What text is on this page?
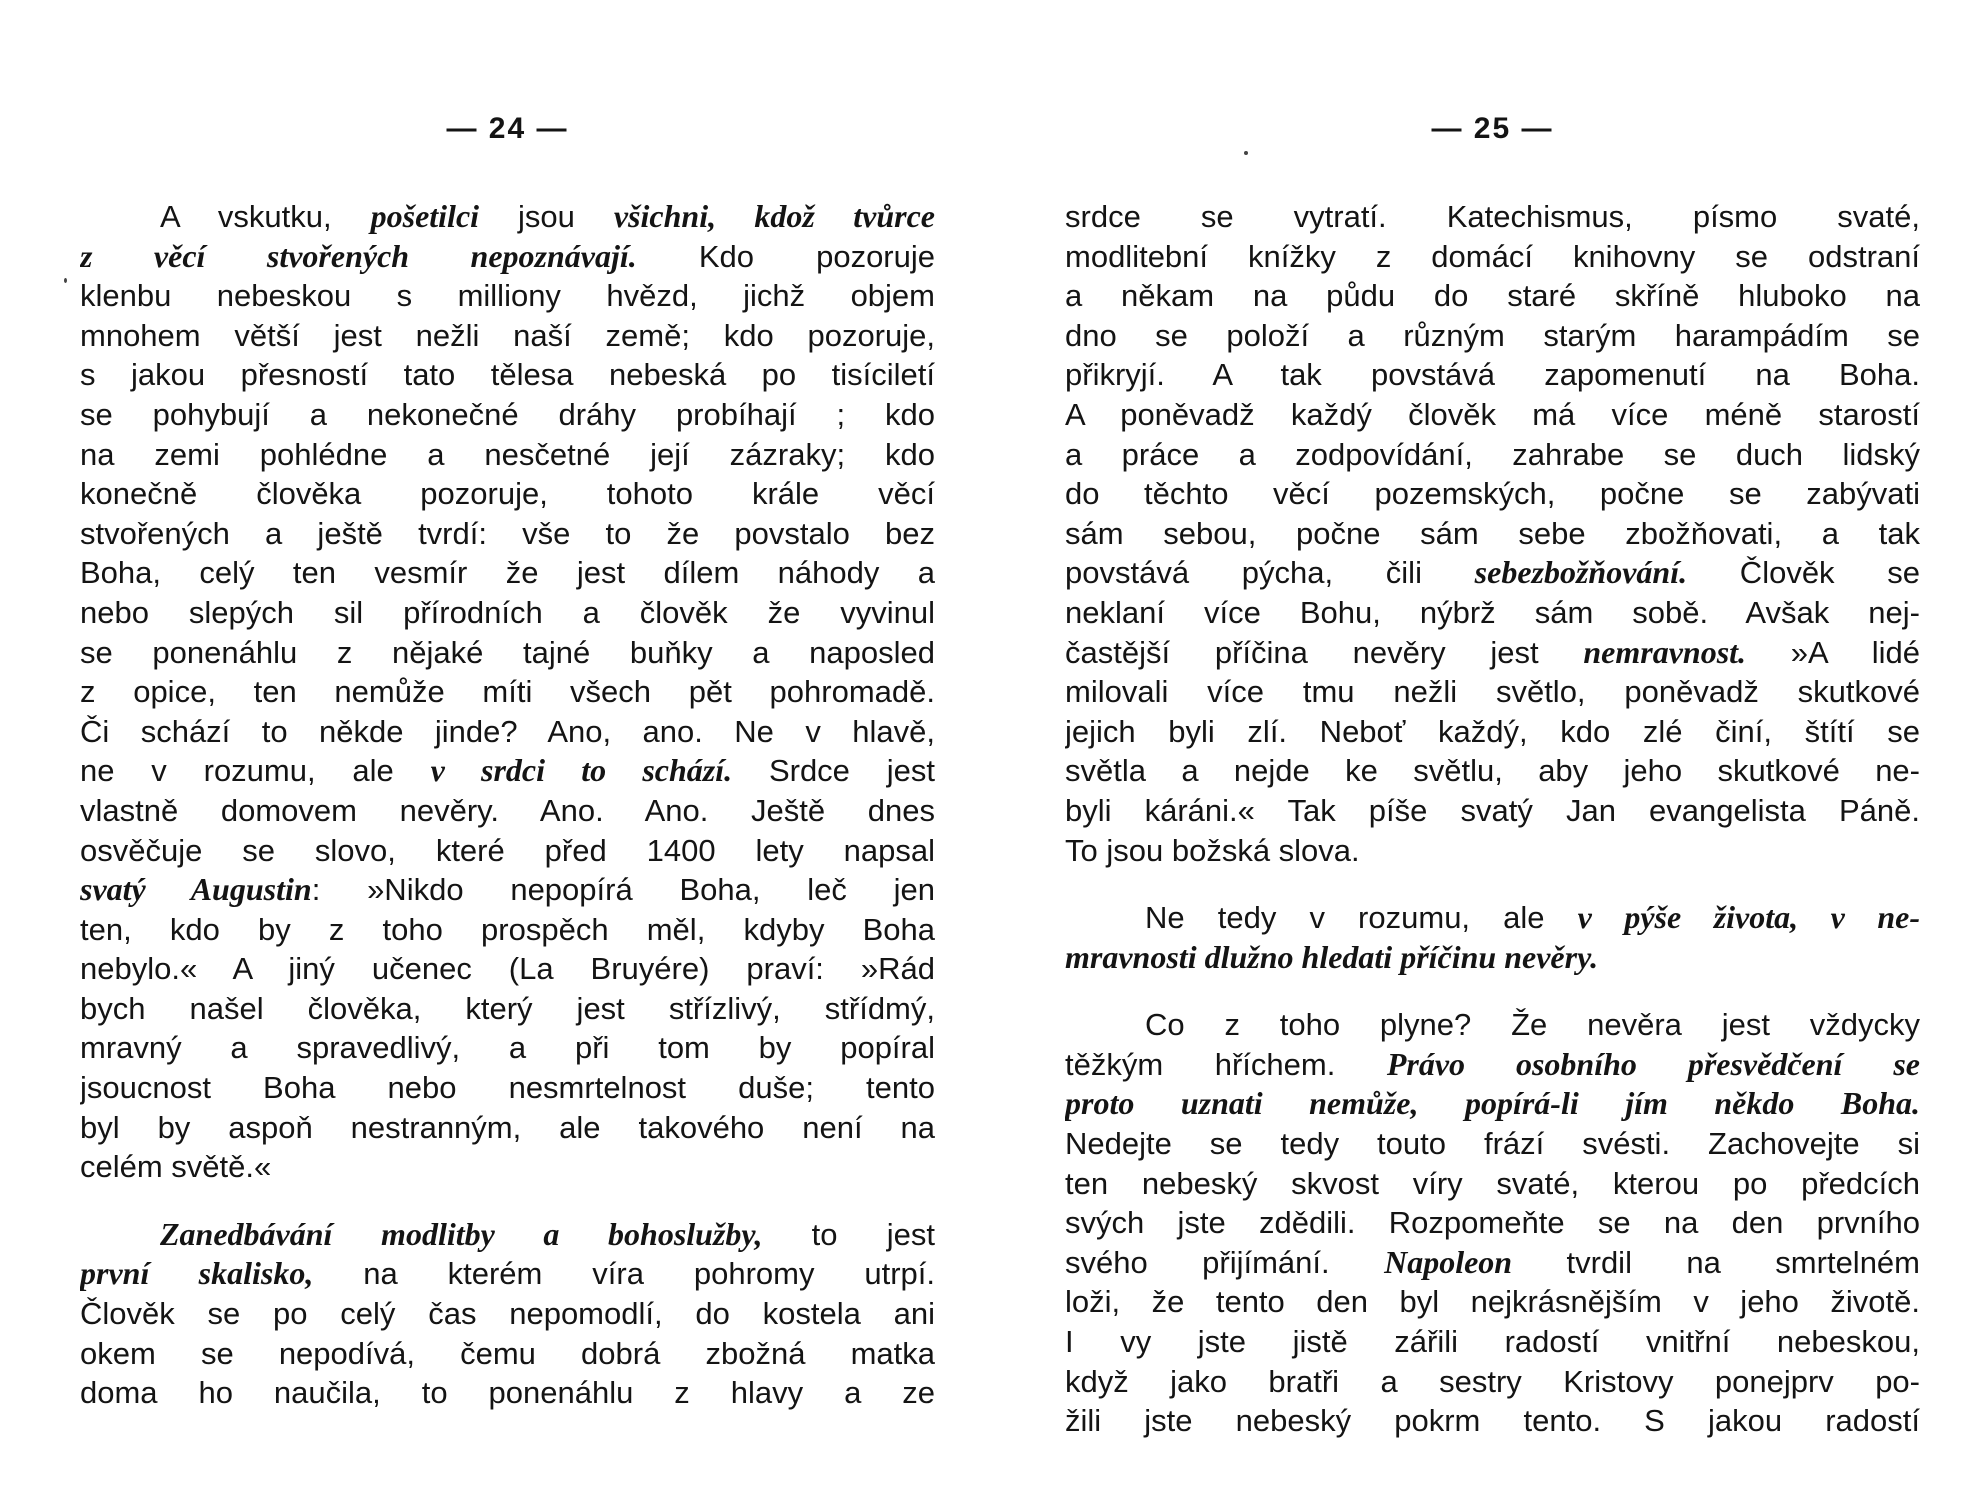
— 24 —
A vskutku, pošetilci jsou všichni, kdož tvůrce
z věcí stvořených nepoznávají. Kdo pozoruje
klenbu nebeskou s milliony hvězd, jichž objem
mnohem větší jest nežli naší země; kdo pozoruje,
s jakou přesností tato tělesa nebeská po tisíciletí
se pohybují a nekonečné dráhy probíhají ; kdo
na zemi pohlédne a nesčetné její zázraky; kdo
konečně člověka pozoruje, tohoto krále věcí
stvořených a ještě tvrdí: vše to že povstalo bez
Boha, celý ten vesmír že jest dílem náhody a
nebo slepých sil přírodních a člověk že vyvinul
se ponenáhlu z nějaké tajné buňky a naposled
z opice, ten nemůže míti všech pět pohromadě.
Či schází to někde jinde? Ano, ano. Ne v hlavě,
ne v rozumu, ale v srdci to schází. Srdce jest
vlastně domovem nevěry. Ano. Ano. Ještě dnes
osvěčuje se slovo, které před 1400 lety napsal
svatý Augustin: »Nikdo nepopírá Boha, leč jen
ten, kdo by z toho prospěch měl, kdyby Boha
nebylo.« A jiný učenec (La Bruyére) praví: »Rád
bych našel člověka, který jest střízlivý, střídmý,
mravný a spravedlivý, a při tom by popíral
jsoucnost Boha nebo nesmrtelnost duše; tento
byl by aspoň nestranným, ale takového není na
celém světě.«
Zanedbávání modlitby a bohoslužby, to jest
první skalisko, na kterém víra pohromy utrpí.
Člověk se po celý čas nepomodlí, do kostela ani
okem se nepodívá, čemu dobrá zbožná matka
doma ho naučila, to ponenáhlu z hlavy a ze
— 25 —
srdce se vytratí. Katechismus, písmo svaté,
modlitební knížky z domácí knihovny se odstraní
a někam na půdu do staré skříně hluboko na
dno se položí a různým starým harampádím se
přikryjí. A tak povstává zapomenutí na Boha.
A poněvadž každý člověk má více méně starostí
a práce a zodpovídání, zahrabe se duch lidský
do těchto věcí pozemských, počne se zabývati
sám sebou, počne sám sebe zbožňovati, a tak
povstává pýcha, čili sebezbožňování. Člověk se
neklaní více Bohu, nýbrž sám sobě. Avšak nej-
častější příčina nevěry jest nemravnost. »A lidé
milovali více tmu nežli světlo, poněvadž skutkové
jejich byli zlí. Neboť každý, kdo zlé činí, štítí se
světla a nejde ke světlu, aby jeho skutkové ne-
byli káráni.« Tak píše svatý Jan evangelista Páně.
To jsou božská slova.
Ne tedy v rozumu, ale v pýše života, v ne-
mravnosti dlužno hledati příčinu nevěry.
Co z toho plyne? Že nevěra jest vždycky
těžkým hříchem. Právo osobního přesvědčení se
proto uznati nemůže, popírá-li jím někdo Boha.
Nedejte se tedy touto frází svésti. Zachovejte si
ten nebeský skvost víry svaté, kterou po předcích
svých jste zdědili. Rozpomeňte se na den prvního
svého přijímání. Napoleon tvrdil na smrtelném
loži, že tento den byl nejkrásnějším v jeho životě.
I vy jste jistě zářili radostí vnitřní nebeskou,
když jako bratři a sestry Kristovy ponejprv po-
žili jste nebeský pokrm tento. S jakou radostí
